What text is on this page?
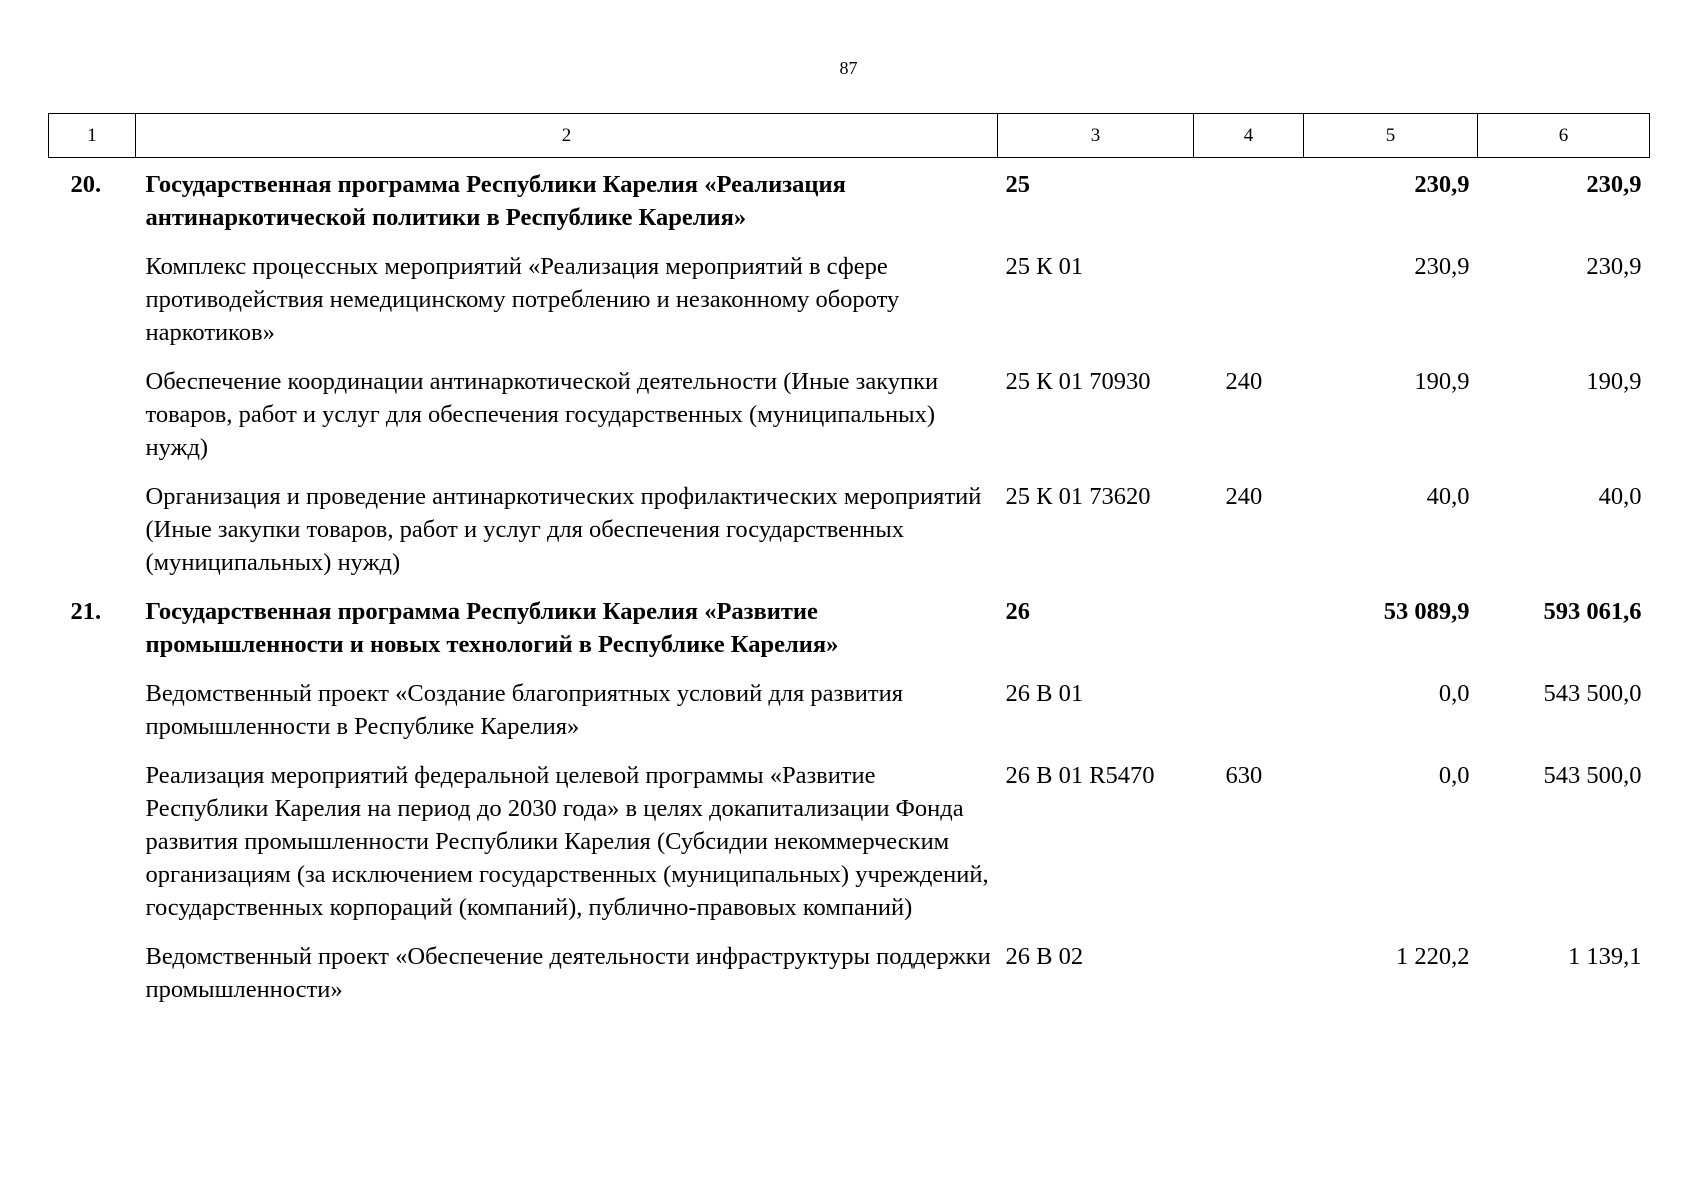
87
1	2	3	4	5	6
20.	Государственная программа Республики Карелия «Реализация антинаркотической политики в Республике Карелия»	25		230,9	230,9
	Комплекс процессных мероприятий «Реализация мероприятий в сфере противодействия немедицинскому потреблению и незаконному обороту наркотиков»	25 К 01		230,9	230,9
	Обеспечение координации антинаркотической деятельности (Иные закупки товаров, работ и услуг для обеспечения государственных (муниципальных) нужд)	25 К 01 70930	240	190,9	190,9
	Организация и проведение антинаркотических профилактических мероприятий (Иные закупки товаров, работ и услуг для обеспечения государственных (муниципальных) нужд)	25 К 01 73620	240	40,0	40,0
21.	Государственная программа Республики Карелия «Развитие промышленности и новых технологий в Республике Карелия»	26		53 089,9	593 061,6
	Ведомственный проект «Создание благоприятных условий для развития промышленности в Республике Карелия»	26 В 01		0,0	543 500,0
	Реализация мероприятий федеральной целевой программы «Развитие Республики Карелия на период до 2030 года» в целях докапитализации Фонда развития промышленности Республики Карелия (Субсидии некоммерческим организациям (за исключением государственных (муниципальных) учреждений, государственных корпораций (компаний), публично-правовых компаний)	26 В 01 R5470	630	0,0	543 500,0
	Ведомственный проект «Обеспечение деятельности инфраструктуры поддержки промышленности»	26 В 02		1 220,2	1 139,1
